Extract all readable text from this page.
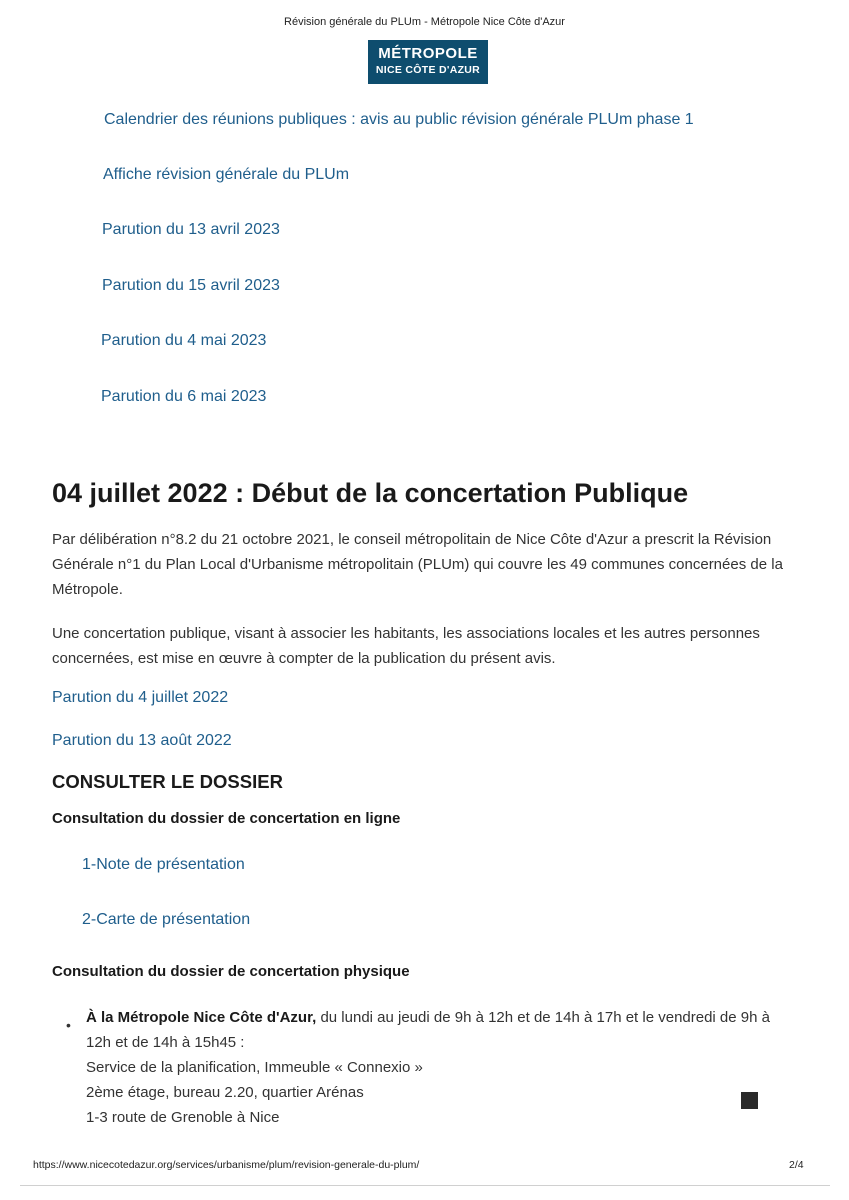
Révision générale du PLUm - Métropole Nice Côte d'Azur
MÉTROPOLE
NICE CÔTE D'AZUR
Calendrier des réunions publiques : avis au public révision générale PLUm phase 1
Affiche révision générale du PLUm
Parution du 13 avril 2023
Parution du 15 avril 2023
Parution du 4 mai 2023
Parution du 6 mai 2023
04 juillet 2022 : Début de la concertation Publique
Par délibération n°8.2 du 21 octobre 2021, le conseil métropolitain de Nice Côte d'Azur a prescrit la Révision Générale n°1 du Plan Local d'Urbanisme métropolitain (PLUm) qui couvre les 49 communes concernées de la Métropole.
Une concertation publique, visant à associer les habitants, les associations locales et les autres personnes concernées, est mise en œuvre à compter de la publication du présent avis.
Parution du 4 juillet 2022
Parution du 13 août 2022
CONSULTER LE DOSSIER
Consultation du dossier de concertation en ligne
1-Note de présentation
2-Carte de présentation
Consultation du dossier de concertation physique
• À la Métropole Nice Côte d'Azur, du lundi au jeudi de 9h à 12h et de 14h à 17h et le vendredi de 9h à 12h et de 14h à 15h45 :
Service de la planification, Immeuble « Connexio »
2ème étage, bureau 2.20, quartier Arénas
1-3 route de Grenoble à Nice
https://www.nicecotedazur.org/services/urbanisme/plum/revision-generale-du-plum/	2/4
